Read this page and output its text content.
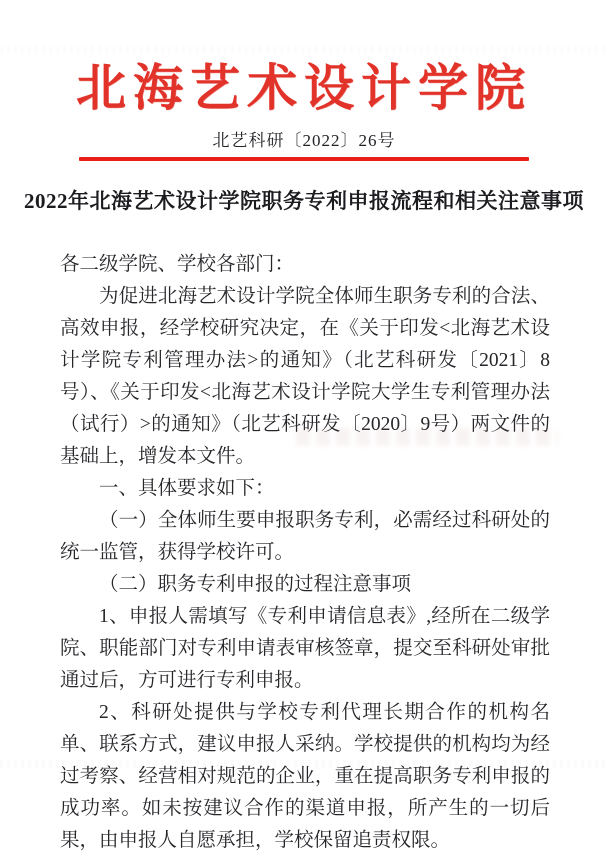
北海艺术设计学院
北艺科研〔2022〕26号
2022年北海艺术设计学院职务专利申报流程和相关注意事项

各二级学院、学校各部门：

为促进北海艺术设计学院全体师生职务专利的合法、高效申报，经学校研究决定，在《关于印发<北海艺术设计学院专利管理办法>的通知》（北艺科研发〔2021〕8号）、《关于印发<北海艺术设计学院大学生专利管理办法（试行）>的通知》（北艺科研发〔2020〕9号）两文件的基础上，增发本文件。

一、具体要求如下：

（一）全体师生要申报职务专利，必需经过科研处的统一监管，获得学校许可。

（二）职务专利申报的过程注意事项

1、申报人需填写《专利申请信息表》,经所在二级学院、职能部门对专利申请表审核签章，提交至科研处审批通过后，方可进行专利申报。

2、科研处提供与学校专利代理长期合作的机构名单、联系方式，建议申报人采纳。学校提供的机构均为经过考察、经营相对规范的企业，重在提高职务专利申报的成功率。如未按建议合作的渠道申报，所产生的一切后果，由申报人自愿承担，学校保留追责权限。
